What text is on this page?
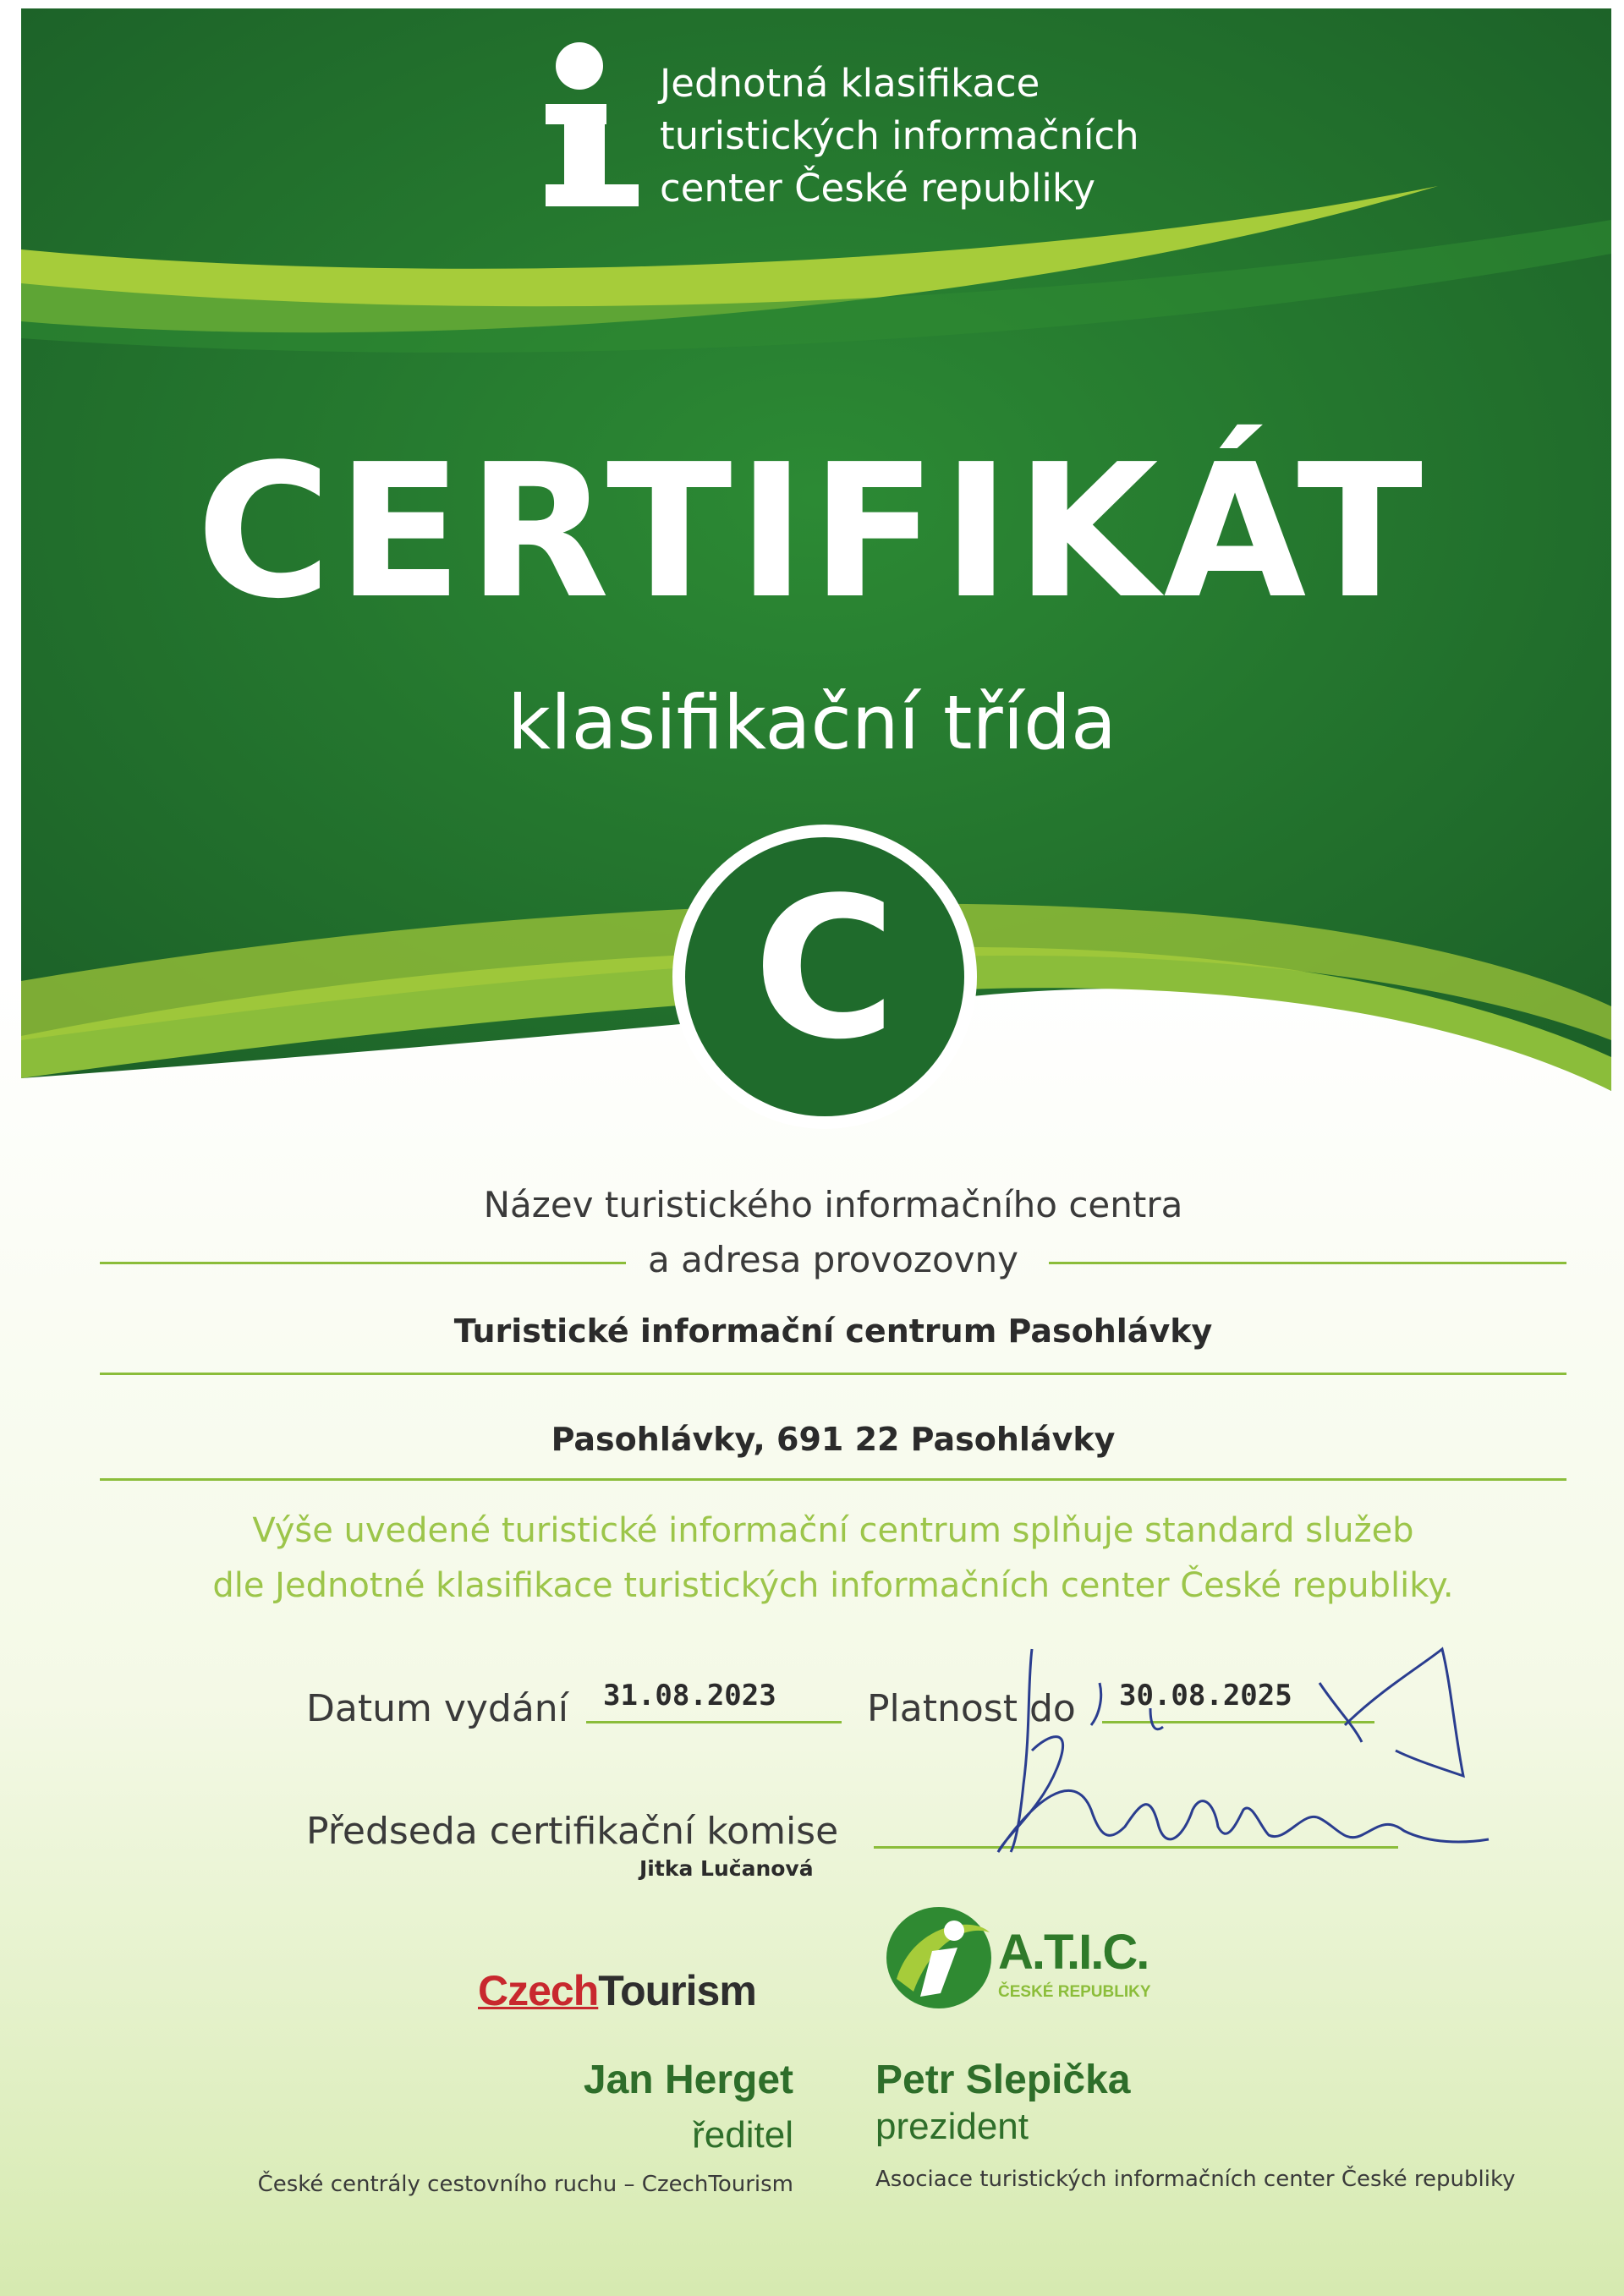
Jednotná klasifikace
turistických informačních
center České republiky
CERTIFIKÁT
klasifikační třída
C
Název turistického informačního centra
a adresa provozovny
Turistické informační centrum Pasohlávky
Pasohlávky, 691 22 Pasohlávky
Výše uvedené turistické informační centrum splňuje standard služeb
dle Jednotné klasifikace turistických informačních center České republiky.
Datum vydání 31.08.2023 Platnost do 30.08.2025
Předseda certifikační komise
Jitka Lučanová
CzechTourism
A.T.I.C.
ČESKÉ REPUBLIKY
Jan Herget
ředitel
České centrály cestovního ruchu – CzechTourism
Petr Slepička
prezident
Asociace turistických informačních center České republiky
